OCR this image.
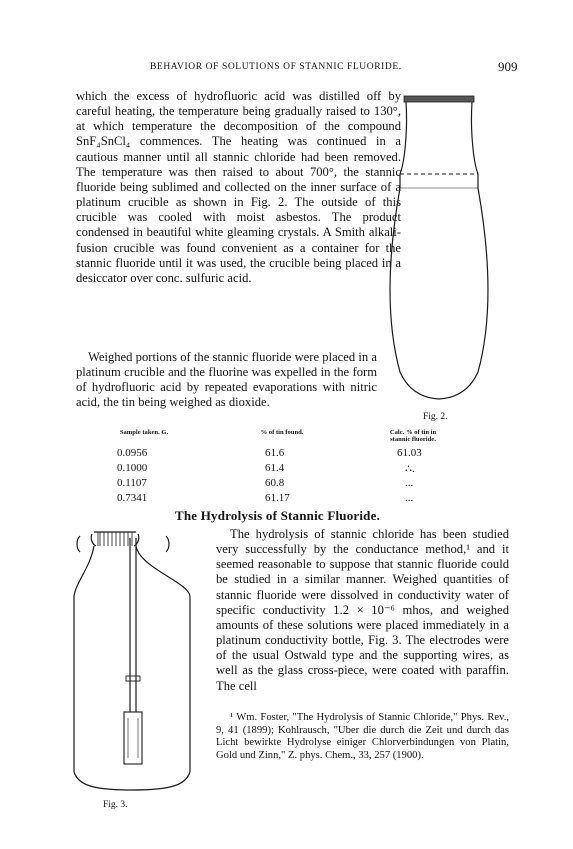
BEHAVIOR OF SOLUTIONS OF STANNIC FLUORIDE.	909

which the excess of hydrofluoric acid was distilled off by careful heating, the temperature being gradually raised to 130°, at which temperature the decomposition of the compound SnF₄SnCl₄ commences. The heating was continued in a cautious manner until all stannic chloride had been removed. The temperature was then raised to about 700°, the stannic fluoride being sublimed and collected on the inner surface of a platinum crucible as shown in Fig. 2. The outside of this crucible was cooled with moist asbestos. The product condensed in beautiful white gleaming crystals. A Smith alkali-fusion crucible was found convenient as a container for the stannic fluoride until it was used, the crucible being placed in a desiccator over conc. sulfuric acid.

Weighed portions of the stannic fluoride were placed in a platinum crucible and the fluorine was expelled in the form of hydrofluoric acid by repeated evaporations with nitric acid, the tin being weighed as dioxide.

Fig. 2.
Sample taken. G.	% of tin found.	Calc. % of tin in stannic fluoride.
0.0956	61.6	61.03
0.1000	61.4	∴.
0.1107	60.8	...
0.7341	61.17	...
The Hydrolysis of Stannic Fluoride.
Fig. 3.

The hydrolysis of stannic chloride has been studied very successfully by the conductance method,¹ and it seemed reasonable to suppose that stannic fluoride could be studied in a similar manner. Weighed quantities of stannic fluoride were dissolved in conductivity water of specific conductivity 1.2 × 10⁻⁶ mhos, and weighed amounts of these solutions were placed immediately in a platinum conductivity bottle, Fig. 3. The electrodes were of the usual Ostwald type and the supporting wires, as well as the glass cross-piece, were coated with paraffin. The cell

¹ Wm. Foster, "The Hydrolysis of Stannic Chloride," Phys. Rev., 9, 41 (1899); Kohlrausch, "Uber die durch die Zeit und durch das Licht bewirkte Hydrolyse einiger Chlorverbindungen von Platin, Gold und Zinn," Z. phys. Chem., 33, 257 (1900).
